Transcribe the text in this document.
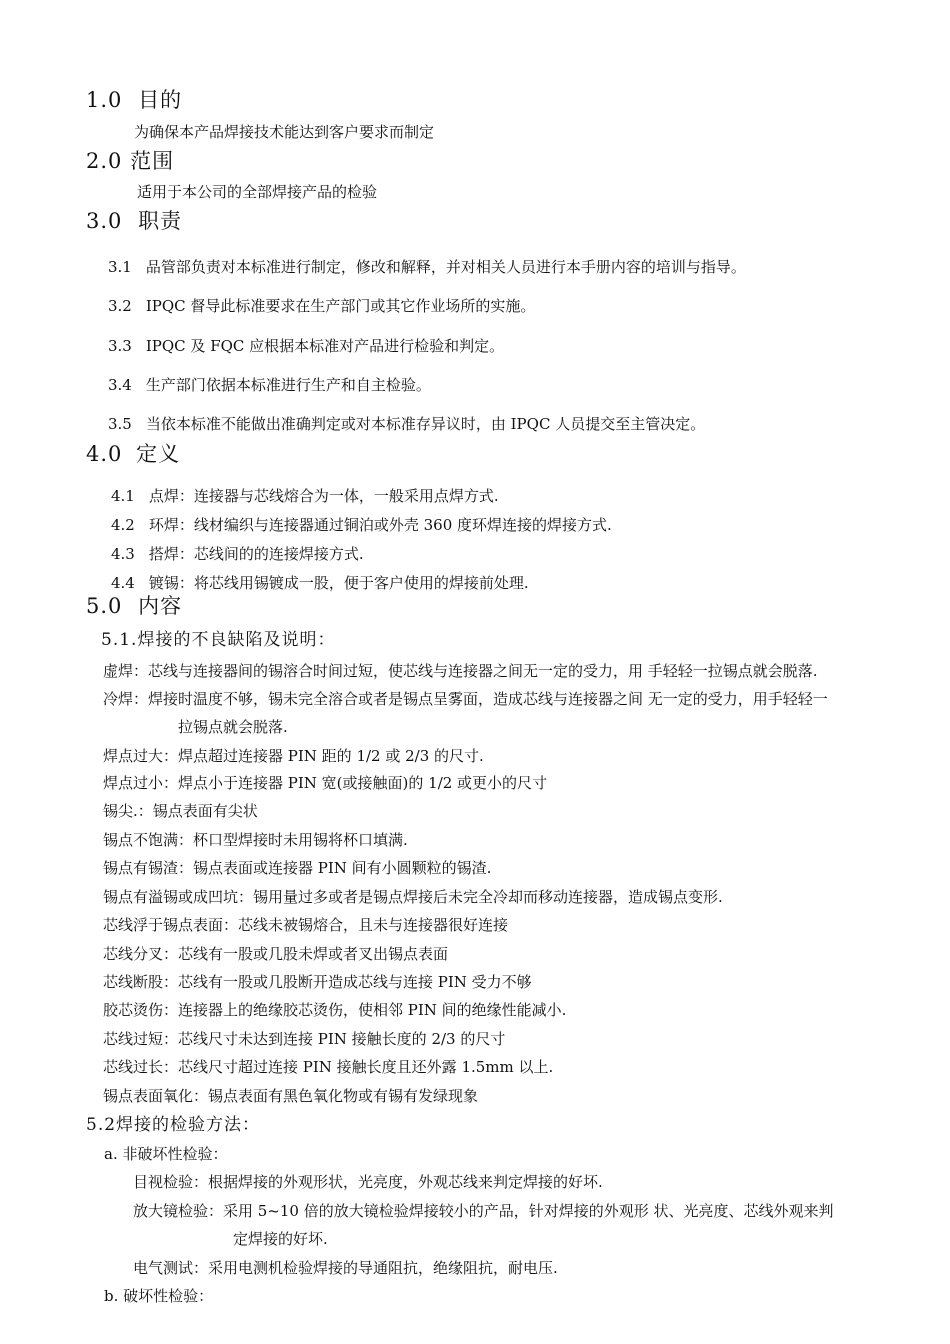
1.0 目的
为确保本产品焊接技术能达到客户要求而制定
2.0 范围
适用于本公司的全部焊接产品的检验
3.0 职责
3.1 品管部负责对本标准进行制定，修改和解释，并对相关人员进行本手册内容的培训与指导。
3.2 IPQC 督导此标准要求在生产部门或其它作业场所的实施。
3.3 IPQC 及 FQC 应根据本标准对产品进行检验和判定。
3.4 生产部门依据本标准进行生产和自主检验。
3.5 当依本标准不能做出准确判定或对本标准存异议时，由 IPQC 人员提交至主管决定。
4.0 定义
4.1 点焊：连接器与芯线熔合为一体，一般采用点焊方式.
4.2 环焊：线材编织与连接器通过铜泊或外壳 360 度环焊连接的焊接方式.
4.3 搭焊：芯线间的的连接焊接方式.
4.4 镀锡：将芯线用锡镀成一股，便于客户使用的焊接前处理.
5.0 内容
5.1.焊接的不良缺陷及说明：
虚焊：芯线与连接器间的锡溶合时间过短，使芯线与连接器之间无一定的受力，用 手轻轻一拉锡点就会脱落.
冷焊：焊接时温度不够，锡未完全溶合或者是锡点呈雾面，造成芯线与连接器之间 无一定的受力，用手轻轻一
拉锡点就会脱落.
焊点过大：焊点超过连接器 PIN 距的 1/2 或 2/3 的尺寸.
焊点过小：焊点小于连接器 PIN 宽(或接触面)的 1/2 或更小的尺寸
锡尖.：锡点表面有尖状
锡点不饱满：杯口型焊接时未用锡将杯口填满.
锡点有锡渣：锡点表面或连接器 PIN 间有小圆颗粒的锡渣.
锡点有溢锡或成凹坑：锡用量过多或者是锡点焊接后未完全冷却而移动连接器，造成锡点变形.
芯线浮于锡点表面：芯线未被锡熔合，且未与连接器很好连接
芯线分叉：芯线有一股或几股未焊或者叉出锡点表面
芯线断股：芯线有一股或几股断开造成芯线与连接 PIN 受力不够
胶芯烫伤：连接器上的绝缘胶芯烫伤，使相邻 PIN 间的绝缘性能减小.
芯线过短：芯线尺寸未达到连接 PIN 接触长度的 2/3 的尺寸
芯线过长：芯线尺寸超过连接 PIN 接触长度且还外露 1.5mm 以上.
锡点表面氧化：锡点表面有黑色氧化物或有锡有发绿现象
5.2焊接的检验方法：
a. 非破坏性检验：
目视检验：根据焊接的外观形状，光亮度，外观芯线来判定焊接的好坏.
放大镜检验：采用 5~10 倍的放大镜检验焊接较小的产品，针对焊接的外观形 状、光亮度、芯线外观来判
定焊接的好坏.
电气测试：采用电测机检验焊接的导通阻抗，绝缘阻抗，耐电压.
b. 破坏性检验：
